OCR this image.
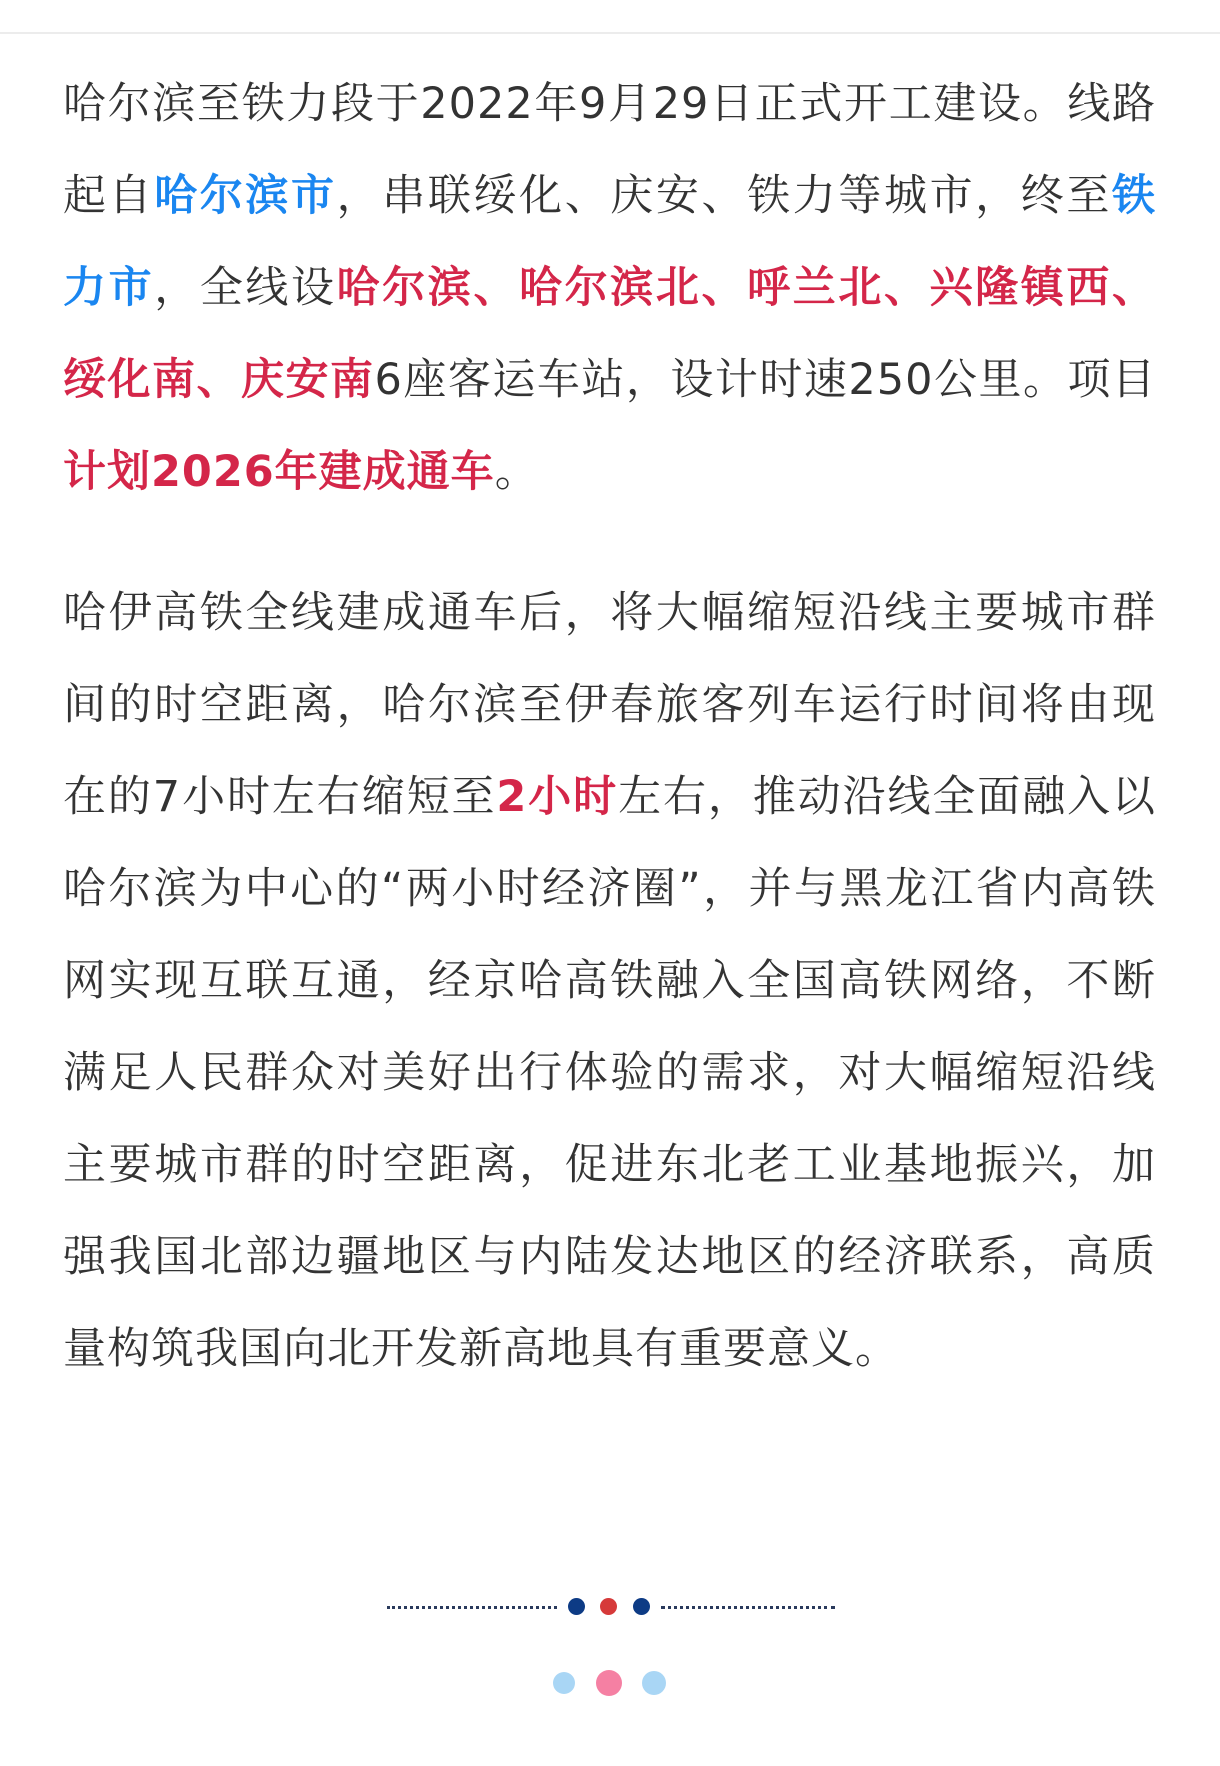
哈尔滨至铁力段于2022年9月29日正式开工建设。线路起自哈尔滨市，串联绥化、庆安、铁力等城市，终至铁力市，全线设哈尔滨、哈尔滨北、呼兰北、兴隆镇西、绥化南、庆安南6座客运车站，设计时速250公里。项目计划2026年建成通车。

哈伊高铁全线建成通车后，将大幅缩短沿线主要城市群间的时空距离，哈尔滨至伊春旅客列车运行时间将由现在的7小时左右缩短至2小时左右，推动沿线全面融入以哈尔滨为中心的“两小时经济圈”，并与黑龙江省内高铁网实现互联互通，经京哈高铁融入全国高铁网络，不断满足人民群众对美好出行体验的需求，对大幅缩短沿线主要城市群的时空距离，促进东北老工业基地振兴，加强我国北部边疆地区与内陆发达地区的经济联系，高质量构筑我国向北开发新高地具有重要意义。
